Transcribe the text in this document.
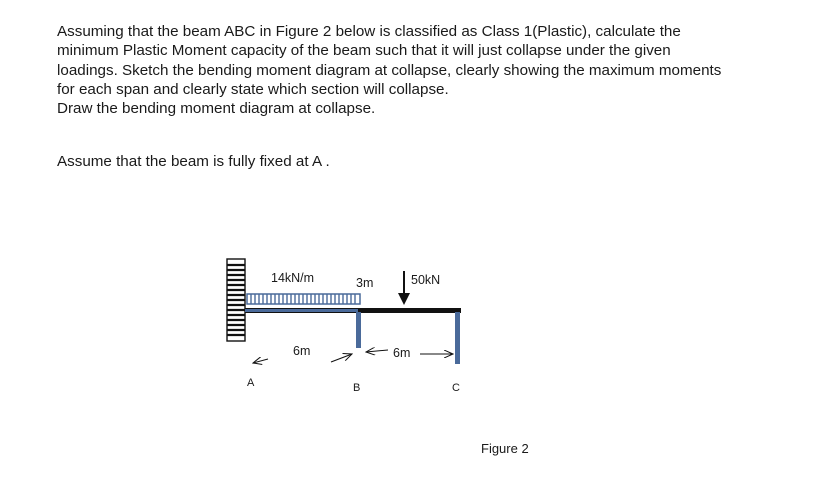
Assuming that the beam ABC in Figure 2 below is classified as Class 1(Plastic), calculate the
minimum Plastic Moment capacity of the beam such that it will just collapse under the given
loadings. Sketch the bending moment diagram at collapse, clearly showing the maximum moments
for each span and clearly state which section will collapse.
Draw the bending moment diagram at collapse.
Assume that the beam is fully fixed at A .
14kN/m	3m	50kN
6m	6m
A	B	C
Figure 2
